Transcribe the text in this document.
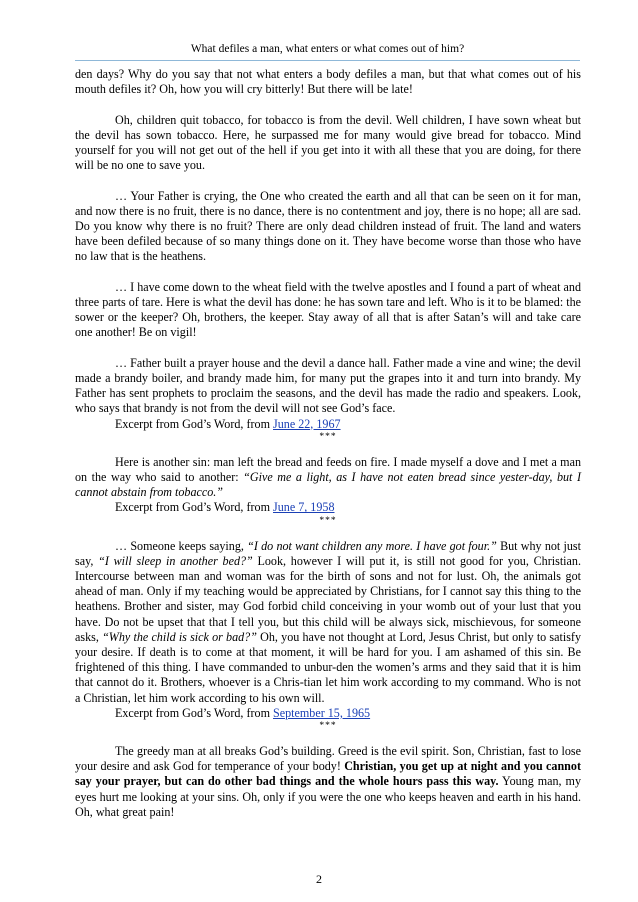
What defiles a man, what enters or what comes out of him?

den days? Why do you say that not what enters a body defiles a man, but that what comes out of his mouth defiles it? Oh, how you will cry bitterly! But there will be late!

Oh, children quit tobacco, for tobacco is from the devil. Well children, I have sown wheat but the devil has sown tobacco. Here, he surpassed me for many would give bread for tobacco. Mind yourself for you will not get out of the hell if you get into it with all these that you are doing, for there will be no one to save you.

… Your Father is crying, the One who created the earth and all that can be seen on it for man, and now there is no fruit, there is no dance, there is no contentment and joy, there is no hope; all are sad. Do you know why there is no fruit? There are only dead children instead of fruit. The land and waters have been defiled because of so many things done on it. They have become worse than those who have no law that is the heathens.

… I have come down to the wheat field with the twelve apostles and I found a part of wheat and three parts of tare. Here is what the devil has done: he has sown tare and left. Who is it to be blamed: the sower or the keeper? Oh, brothers, the keeper. Stay away of all that is after Satan’s will and take care one another! Be on vigil!

… Father built a prayer house and the devil a dance hall. Father made a vine and wine; the devil made a brandy boiler, and brandy made him, for many put the grapes into it and turn into brandy. My Father has sent prophets to proclaim the seasons, and the devil has made the radio and speakers. Look, who says that brandy is not from the devil will not see God’s face.

Excerpt from God’s Word, from June 22, 1967

***

Here is another sin: man left the bread and feeds on fire. I made myself a dove and I met a man on the way who said to another: “Give me a light, as I have not eaten bread since yester-day, but I cannot abstain from tobacco.”

Excerpt from God’s Word, from June 7, 1958

***

… Someone keeps saying, “I do not want children any more. I have got four.” But why not just say, “I will sleep in another bed?” Look, however I will put it, is still not good for you, Christian. Intercourse between man and woman was for the birth of sons and not for lust. Oh, the animals got ahead of man. Only if my teaching would be appreciated by Christians, for I cannot say this thing to the heathens. Brother and sister, may God forbid child conceiving in your womb out of your lust that you have. Do not be upset that that I tell you, but this child will be always sick, mischievous, for someone asks, “Why the child is sick or bad?” Oh, you have not thought at Lord, Jesus Christ, but only to satisfy your desire. If death is to come at that moment, it will be hard for you. I am ashamed of this sin. Be frightened of this thing. I have commanded to unbur-den the women’s arms and they said that it is him that cannot do it. Brothers, whoever is a Chris-tian let him work according to my command. Who is not a Christian, let him work according to his own will.

Excerpt from God’s Word, from September 15, 1965

***

The greedy man at all breaks God’s building. Greed is the evil spirit. Son, Christian, fast to lose your desire and ask God for temperance of your body! Christian, you get up at night and you cannot say your prayer, but can do other bad things and the whole hours pass this way. Young man, my eyes hurt me looking at your sins. Oh, only if you were the one who keeps heaven and earth in his hand. Oh, what great pain!

2
